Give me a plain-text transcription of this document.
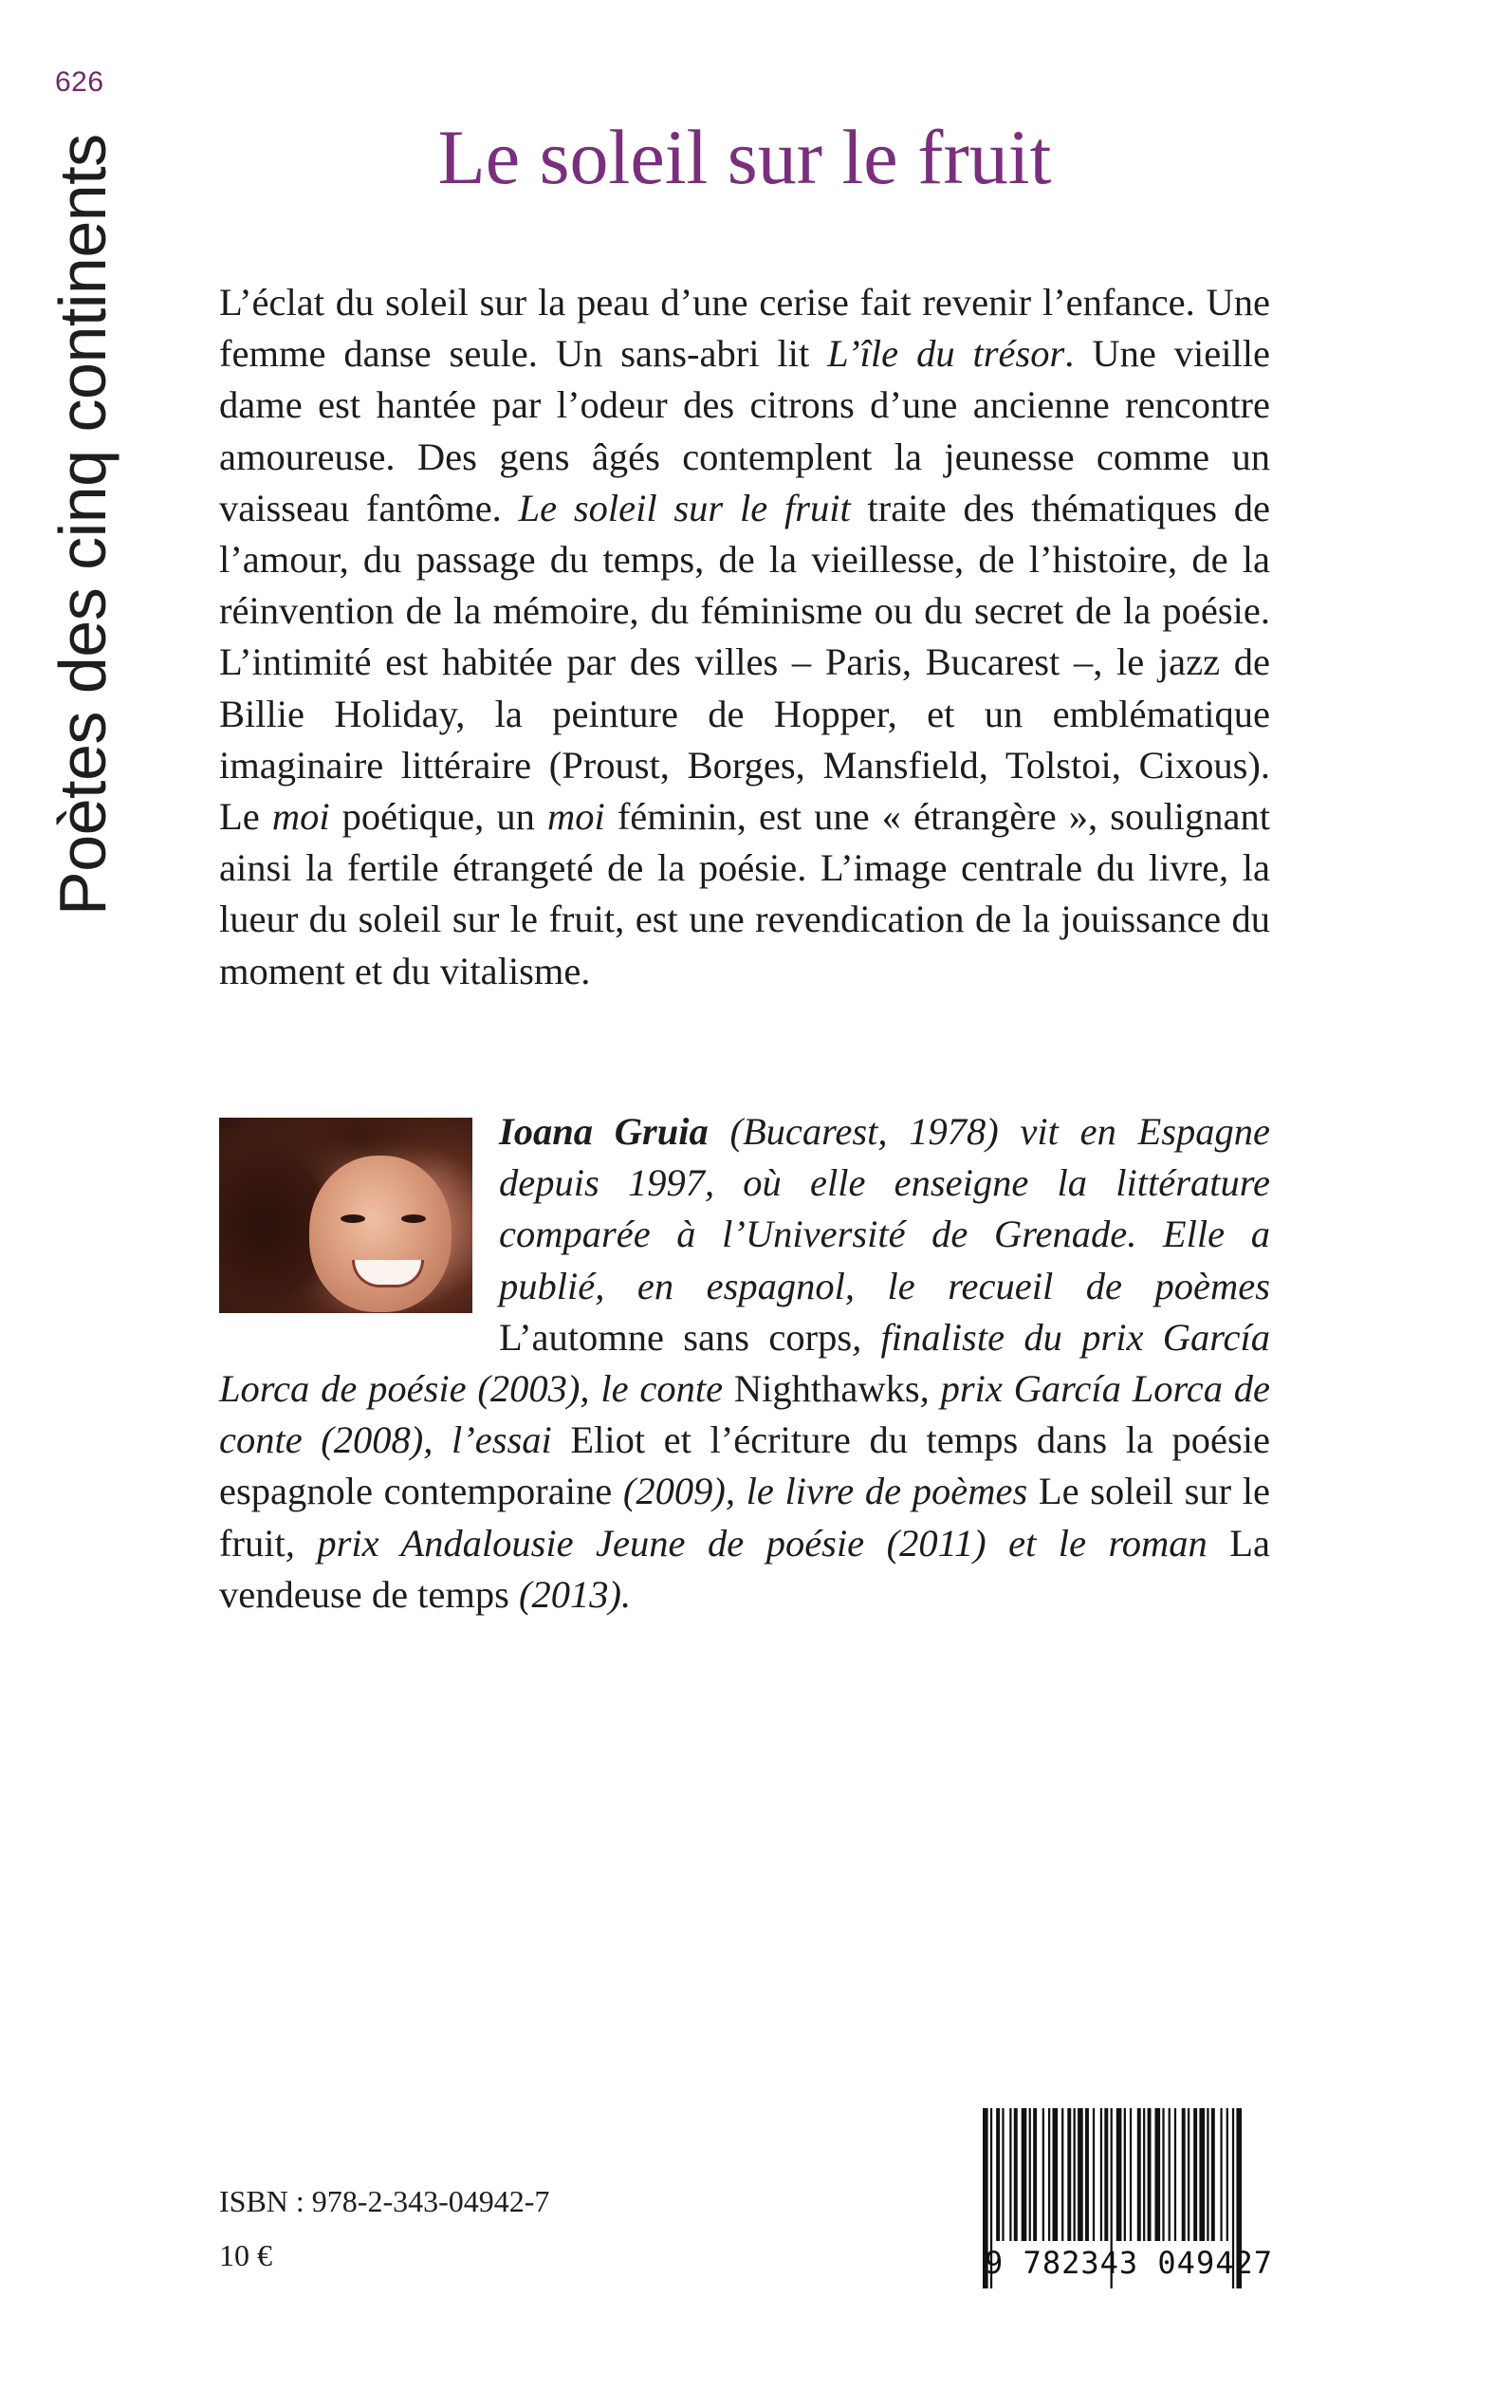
626
Poètes des cinq continents	Le soleil sur le fruit

L’éclat du soleil sur la peau d’une cerise fait revenir l’enfance. Une femme danse seule. Un sans-abri lit L’île du trésor. Une vieille dame est hantée par l’odeur des citrons d’une ancienne rencontre amoureuse. Des gens âgés contemplent la jeunesse comme un vaisseau fantôme. Le soleil sur le fruit traite des thématiques de l’amour, du passage du temps, de la vieillesse, de l’histoire, de la réinvention de la mémoire, du féminisme ou du secret de la poésie. L’intimité est habitée par des villes – Paris, Bucarest –, le jazz de Billie Holiday, la peinture de Hopper, et un emblématique imaginaire littéraire (Proust, Borges, Mansfield, Tolstoi, Cixous). Le moi poétique, un moi féminin, est une « étrangère », soulignant ainsi la fertile étrangeté de la poésie. L’image centrale du livre, la lueur du soleil sur le fruit, est une revendication de la jouissance du moment et du vitalisme.

Ioana Gruia (Bucarest, 1978) vit en Espagne depuis 1997, où elle enseigne la littérature comparée à l’Université de Grenade. Elle a publié, en espagnol, le recueil de poèmes L’automne sans corps, finaliste du prix García Lorca de poésie (2003), le conte Nighthawks, prix García Lorca de conte (2008), l’essai Eliot et l’écriture du temps dans la poésie espagnole contemporaine (2009), le livre de poèmes Le soleil sur le fruit, prix Andalousie Jeune de poésie (2011) et le roman La vendeuse de temps (2013).
ISBN : 978-2-343-04942-7
10 €	9 782343 049427
